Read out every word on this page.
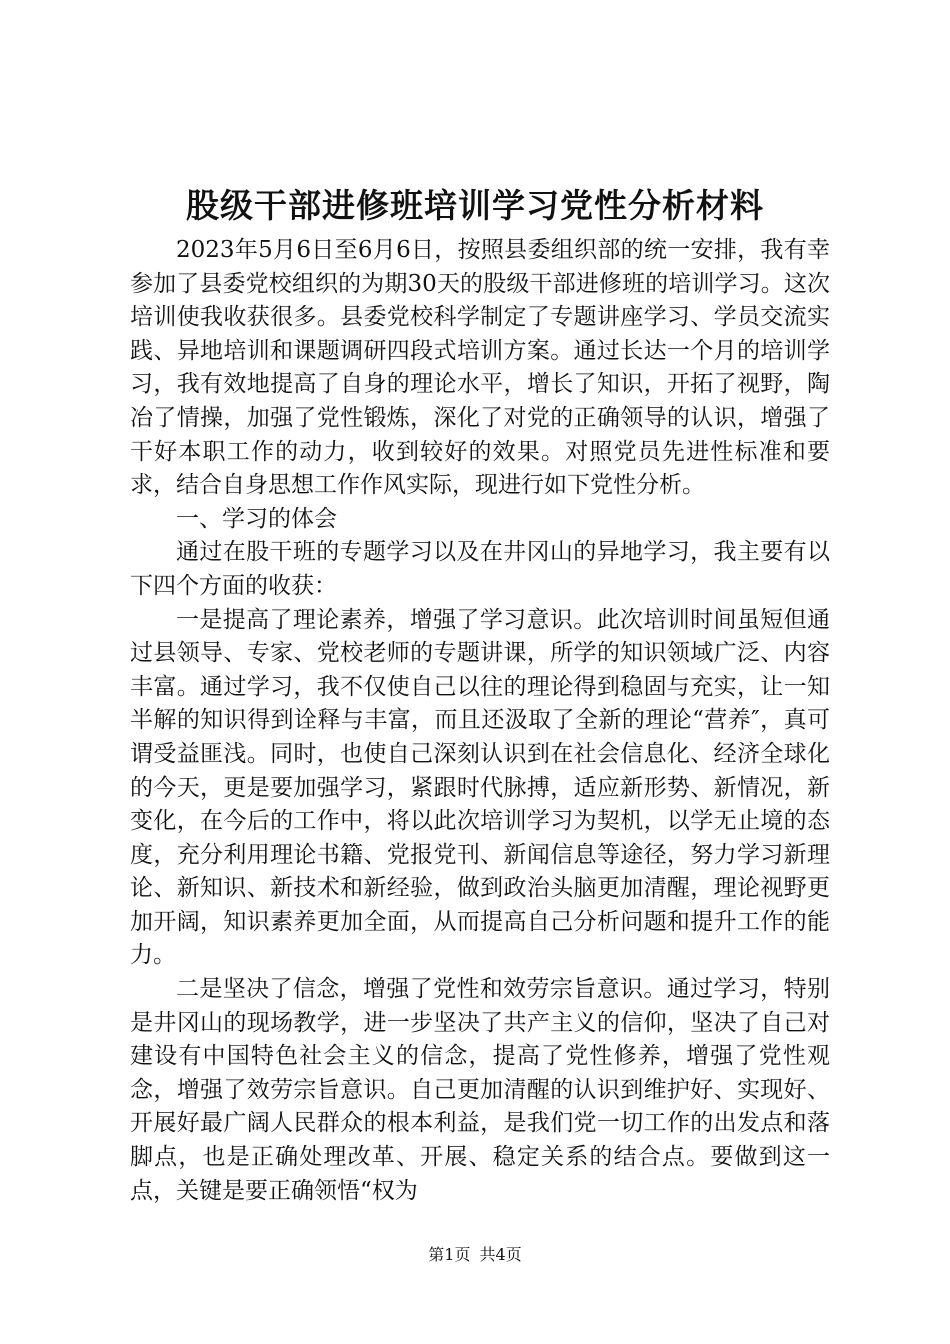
股级干部进修班培训学习党性分析材料

2023年5月6日至6月6日，按照县委组织部的统一安排，我有幸参加了县委党校组织的为期30天的股级干部进修班的培训学习。这次培训使我收获很多。县委党校科学制定了专题讲座学习、学员交流实践、异地培训和课题调研四段式培训方案。通过长达一个月的培训学习，我有效地提高了自身的理论水平，增长了知识，开拓了视野，陶冶了情操，加强了党性锻炼，深化了对党的正确领导的认识，增强了干好本职工作的动力，收到较好的效果。对照党员先进性标准和要求，结合自身思想工作作风实际，现进行如下党性分析。

一、学习的体会

通过在股干班的专题学习以及在井冈山的异地学习，我主要有以下四个方面的收获：

一是提高了理论素养，增强了学习意识。此次培训时间虽短但通过县领导、专家、党校老师的专题讲课，所学的知识领域广泛、内容丰富。通过学习，我不仅使自己以往的理论得到稳固与充实，让一知半解的知识得到诠释与丰富，而且还汲取了全新的理论“营养″，真可谓受益匪浅。同时，也使自己深刻认识到在社会信息化、经济全球化的今天，更是要加强学习，紧跟时代脉搏，适应新形势、新情况，新变化，在今后的工作中，将以此次培训学习为契机，以学无止境的态度，充分利用理论书籍、党报党刊、新闻信息等途径，努力学习新理论、新知识、新技术和新经验，做到政治头脑更加清醒，理论视野更加开阔，知识素养更加全面，从而提高自己分析问题和提升工作的能力。

二是坚决了信念，增强了党性和效劳宗旨意识。通过学习，特别是井冈山的现场教学，进一步坚决了共产主义的信仰，坚决了自己对建设有中国特色社会主义的信念，提高了党性修养，增强了党性观念，增强了效劳宗旨意识。自己更加清醒的认识到维护好、实现好、开展好最广阔人民群众的根本利益，是我们党一切工作的出发点和落脚点，也是正确处理改革、开展、稳定关系的结合点。要做到这一点，关键是要正确领悟“权为

第1页 共4页
